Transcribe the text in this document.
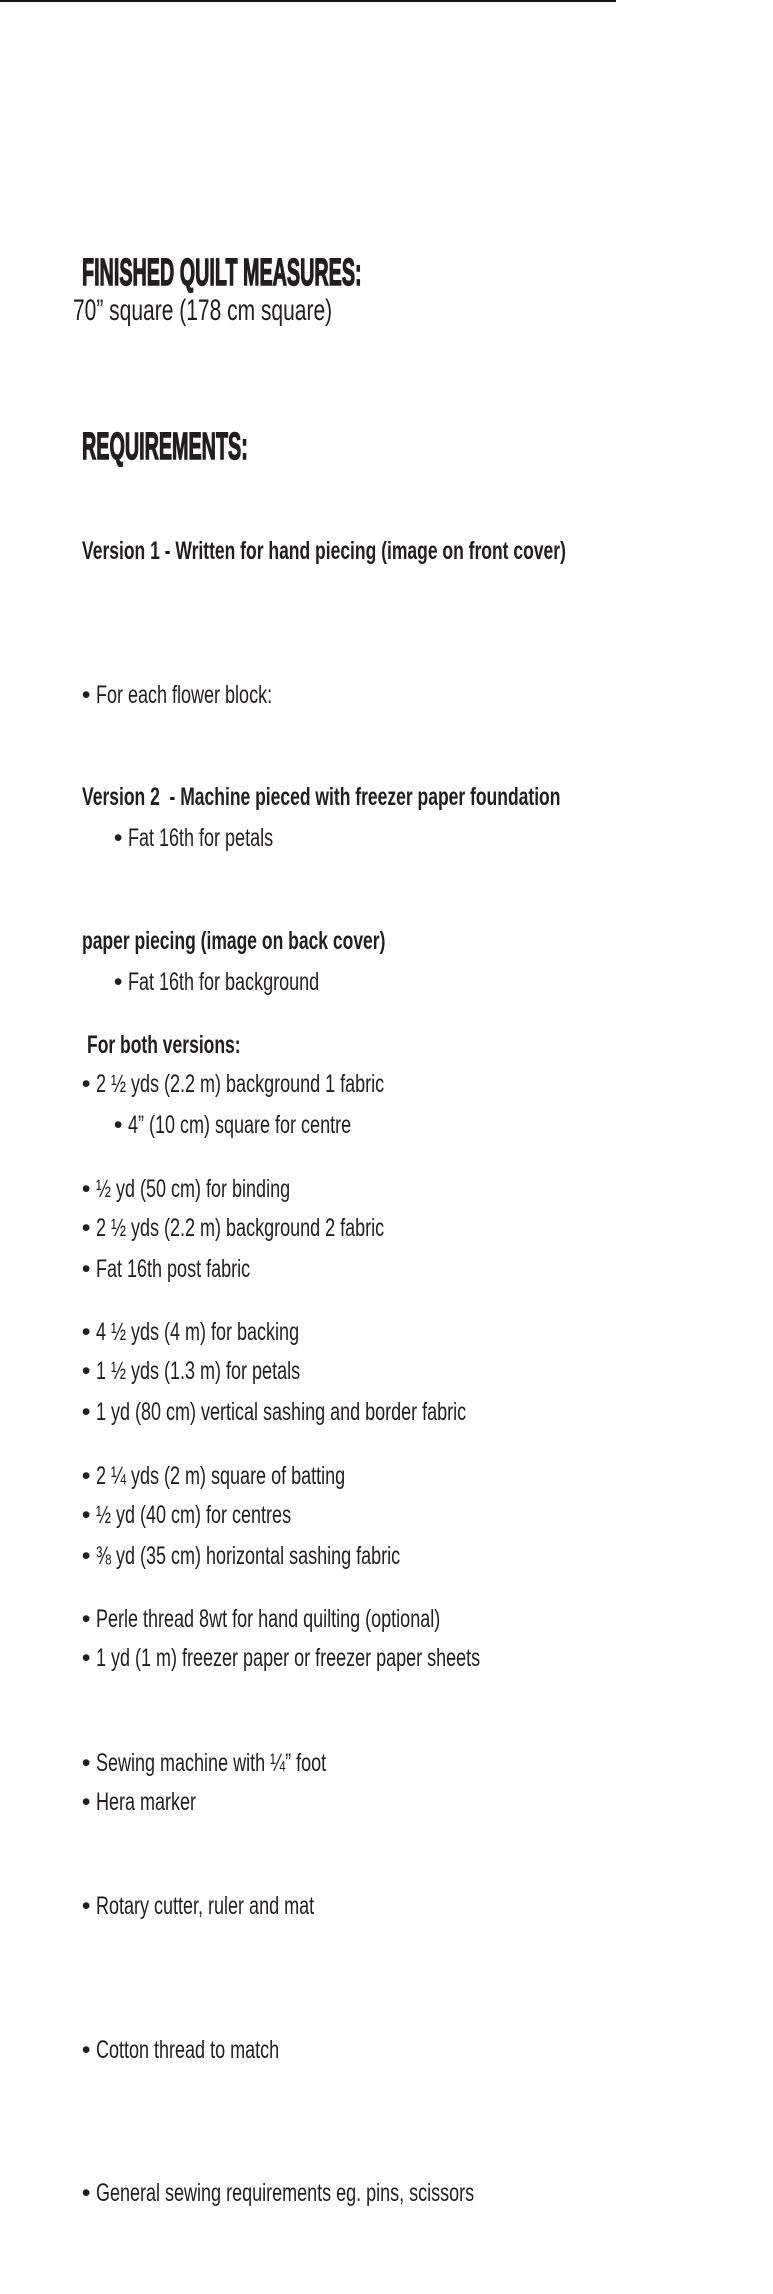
FINISHED QUILT MEASURES:

70” square (178 cm square)

REQUIREMENTS:

Version 1 - Written for hand piecing (image on front cover)

• For each flower block:

• Fat 16th for petals

• Fat 16th for background

• 4” (10 cm) square for centre

• Fat 16th post fabric

• 1 yd (80 cm) vertical sashing and border fabric

• ⅜ yd (35 cm) horizontal sashing fabric

Version 2  - Machine pieced with freezer paper foundation

paper piecing (image on back cover)

• 2 ½ yds (2.2 m) background 1 fabric

• 2 ½ yds (2.2 m) background 2 fabric

• 1 ½ yds (1.3 m) for petals

• ½ yd (40 cm) for centres

• 1 yd (1 m) freezer paper or freezer paper sheets

• Hera marker

For both versions:

• ½ yd (50 cm) for binding

• 4 ½ yds (4 m) for backing

• 2 ¼ yds (2 m) square of batting

• Perle thread 8wt for hand quilting (optional)

• Sewing machine with ¼” foot

• Rotary cutter, ruler and mat

• Cotton thread to match

• General sewing requirements eg. pins, scissors
